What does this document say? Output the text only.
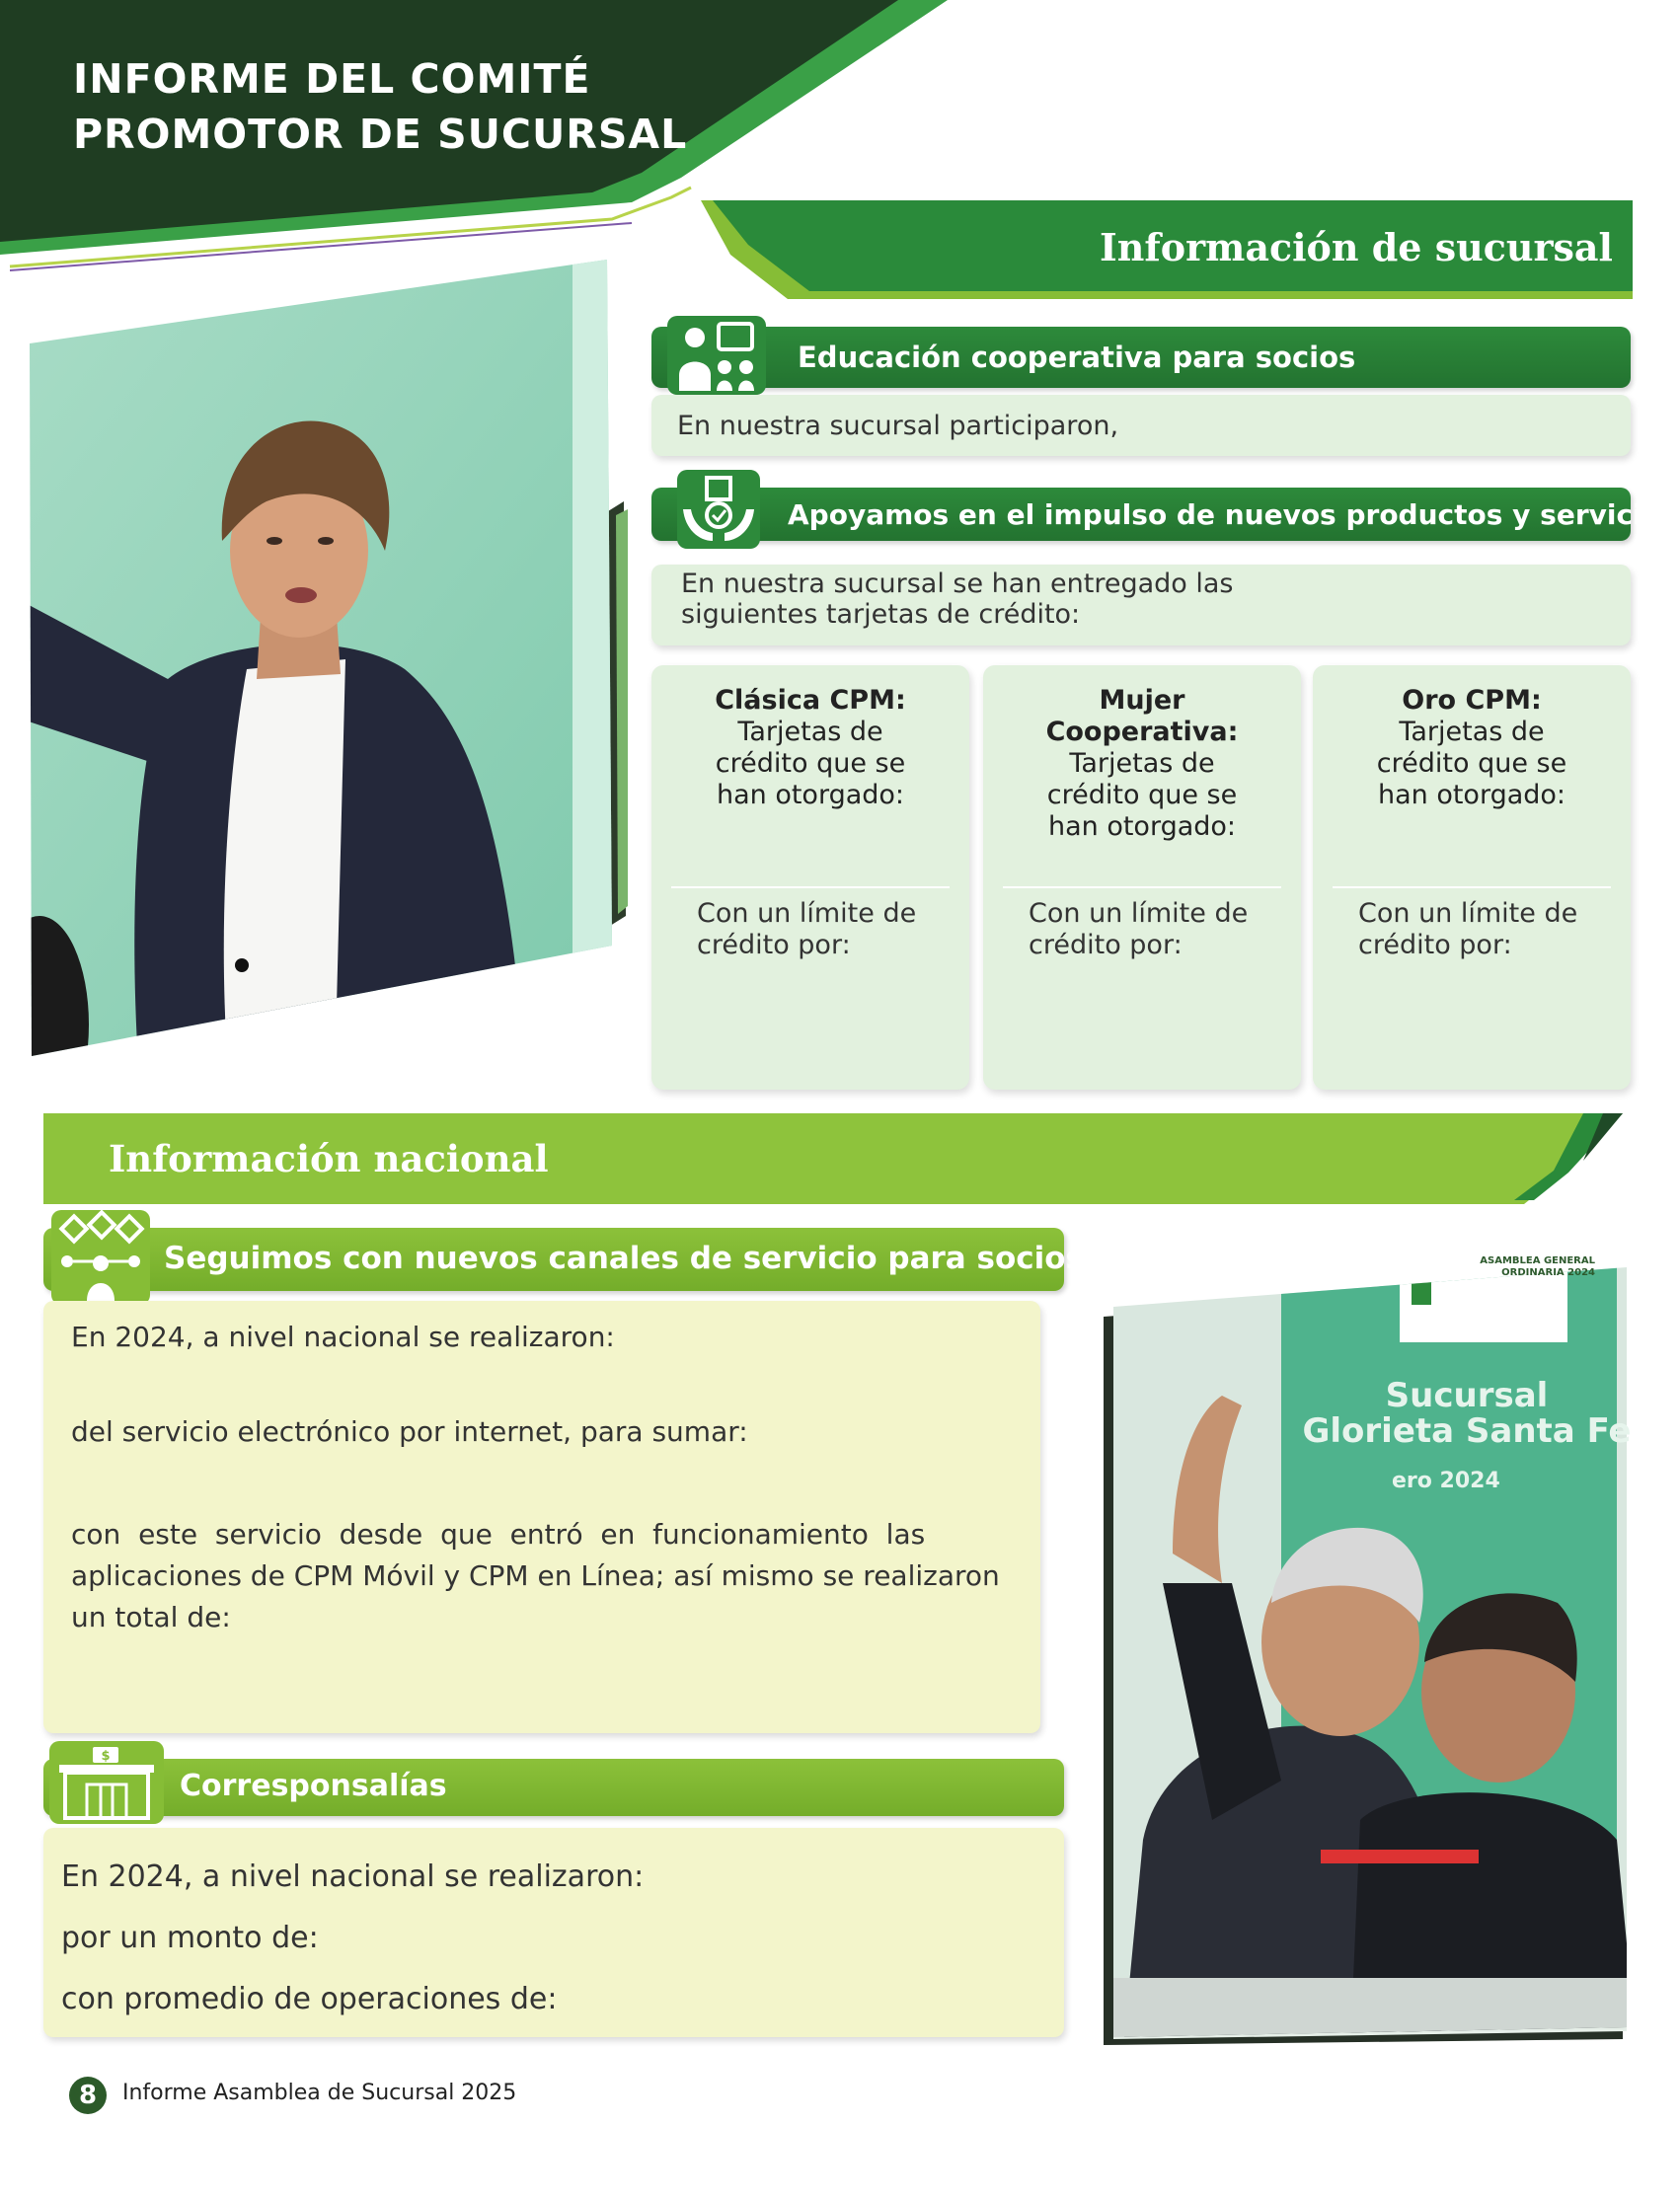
INFORME DEL COMITÉ
PROMOTOR DE SUCURSAL
Información de sucursal
Educación cooperativa para socios
En nuestra sucursal participaron,
Apoyamos en el impulso de nuevos productos y servicios
En nuestra sucursal se han entregado las
siguientes tarjetas de crédito:
Clásica CPM:
Tarjetas de
crédito que se
han otorgado:
Con un límite de
crédito por:
Mujer
Cooperativa:
Tarjetas de
crédito que se
han otorgado:
Con un límite de
crédito por:
Oro CPM:
Tarjetas de
crédito que se
han otorgado:
Con un límite de
crédito por:
Información nacional
Seguimos con nuevos canales de servicio para socios
En 2024, a nivel nacional se realizaron:
del servicio electrónico por internet, para sumar:
con  este  servicio  desde  que  entró  en  funcionamiento  las
aplicaciones de CPM Móvil y CPM en Línea; así mismo se realizaron
un total de:
$
Corresponsalías
En 2024, a nivel nacional se realizaron:
por un monto de:
con promedio de operaciones de:
ASAMBLEA GENERAL
ORDINARIA 2024
Sucursal
Glorieta Santa Fe
ero 2024
8	Informe Asamblea de Sucursal 2025
